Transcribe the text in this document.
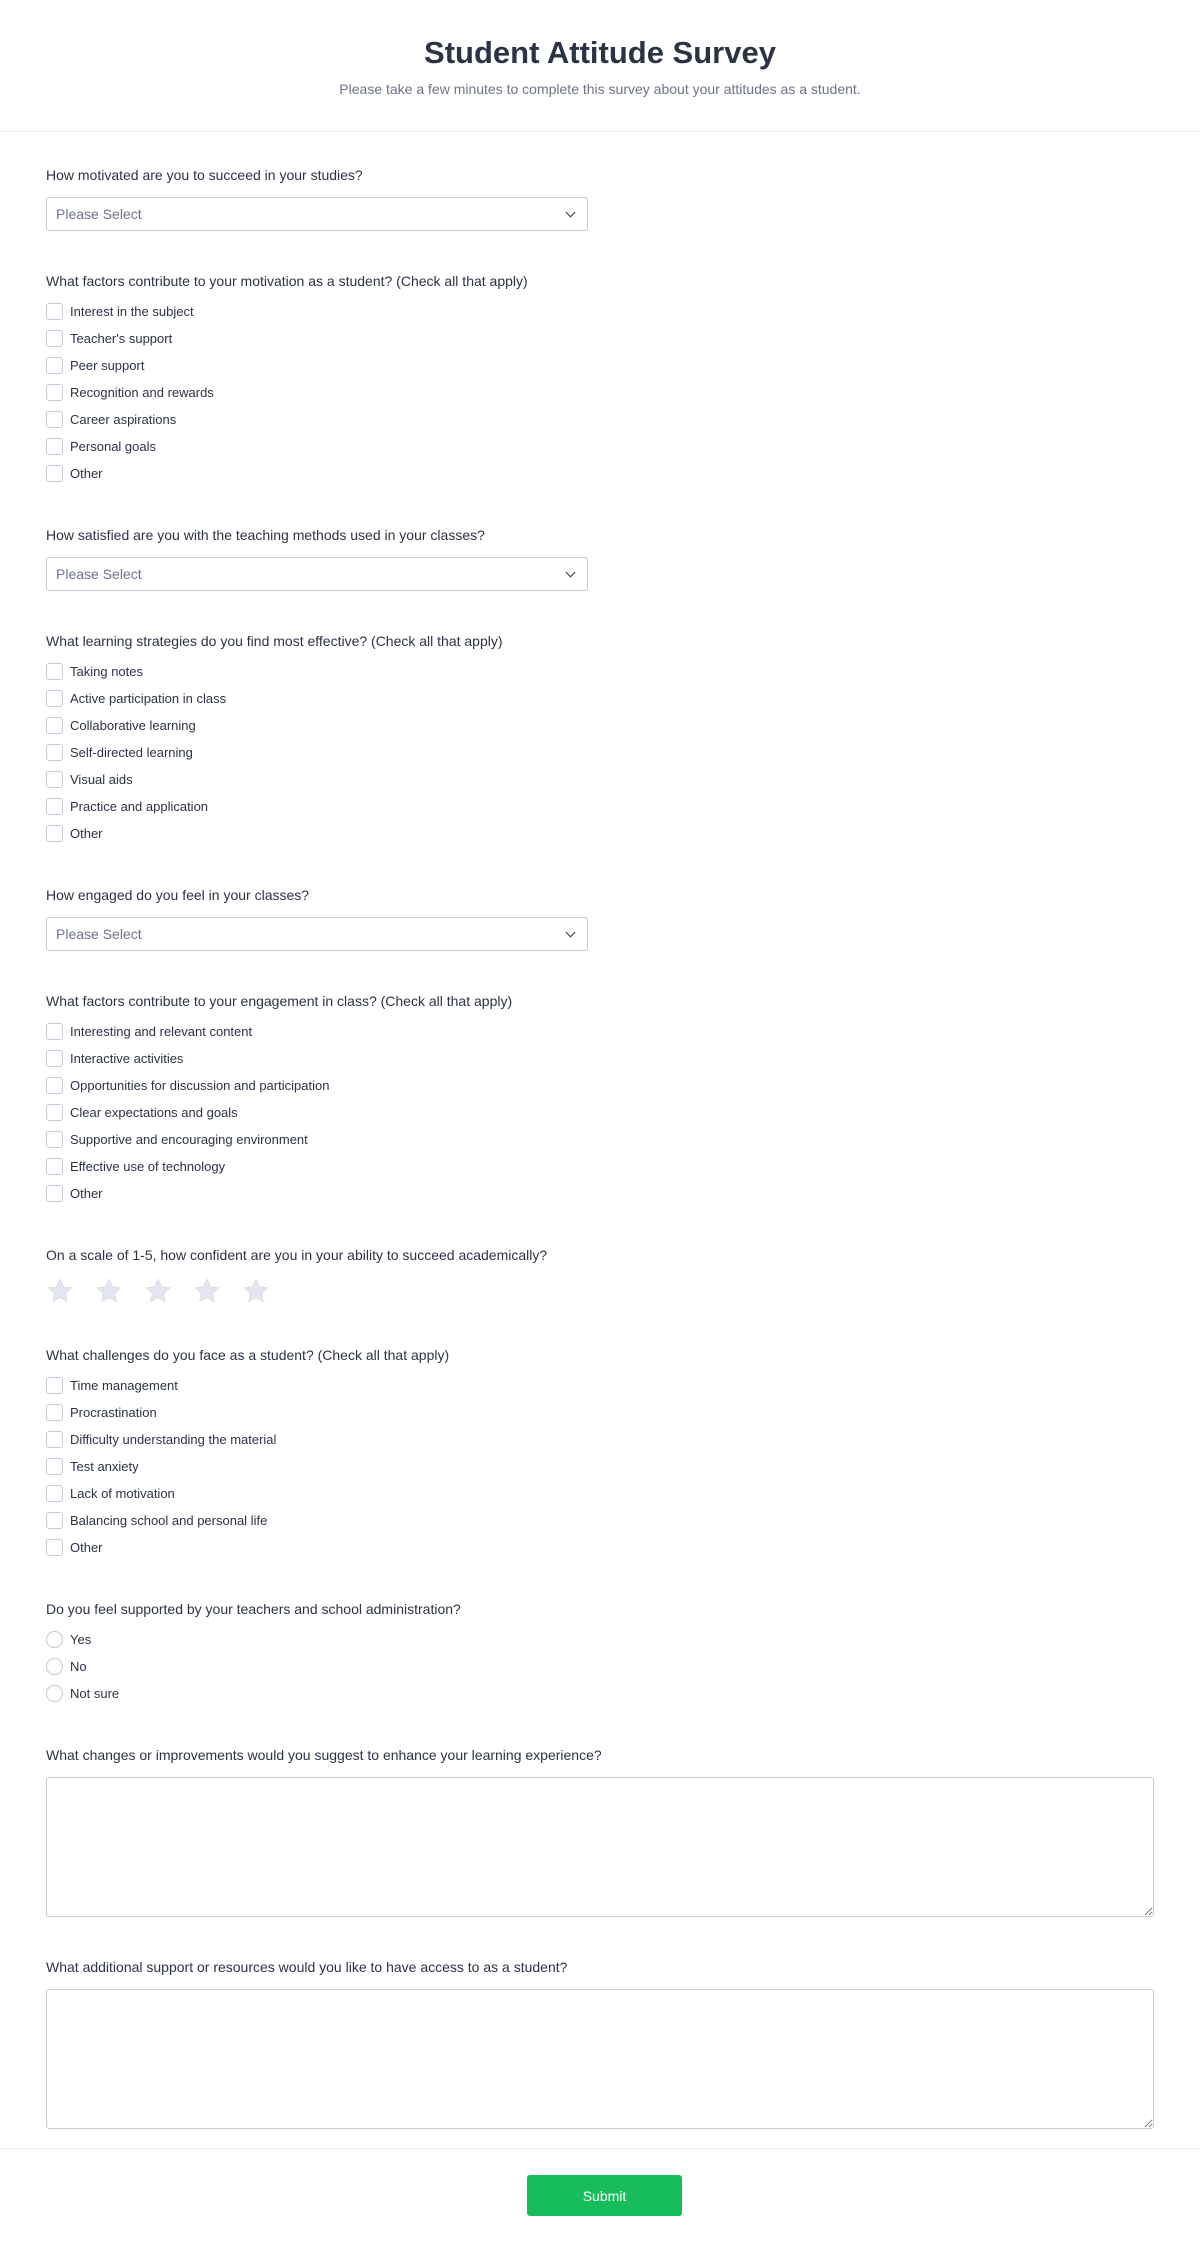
Student Attitude Survey

Please take a few minutes to complete this survey about your attitudes as a student.

How motivated are you to succeed in your studies?
Please Select
What factors contribute to your motivation as a student? (Check all that apply)
Interest in the subject
Teacher's support
Peer support
Recognition and rewards
Career aspirations
Personal goals
Other
How satisfied are you with the teaching methods used in your classes?
Please Select
What learning strategies do you find most effective? (Check all that apply)
Taking notes
Active participation in class
Collaborative learning
Self-directed learning
Visual aids
Practice and application
Other
How engaged do you feel in your classes?
Please Select
What factors contribute to your engagement in class? (Check all that apply)
Interesting and relevant content
Interactive activities
Opportunities for discussion and participation
Clear expectations and goals
Supportive and encouraging environment
Effective use of technology
Other
On a scale of 1-5, how confident are you in your ability to succeed academically?
What challenges do you face as a student? (Check all that apply)
Time management
Procrastination
Difficulty understanding the material
Test anxiety
Lack of motivation
Balancing school and personal life
Other
Do you feel supported by your teachers and school administration?
Yes
No
Not sure
What changes or improvements would you suggest to enhance your learning experience?
What additional support or resources would you like to have access to as a student?
Submit
